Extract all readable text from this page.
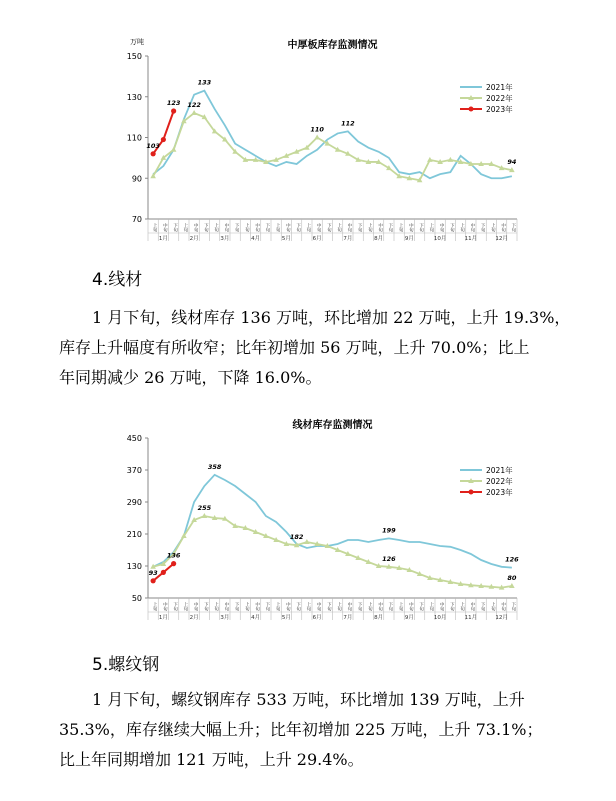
中厚板库存监测情况
万吨
70
90
110
130
150
上旬 中旬 下旬 上旬 中旬 下旬 上旬 中旬 下旬 上旬 中旬 下旬 上旬 中旬 下旬 上旬 中旬 下旬 上旬 中旬 下旬 上旬 中旬 下旬 上旬 中旬 下旬 上旬 中旬 下旬 上旬 中旬 下旬 上旬 中旬 下旬
1月	2月	3月	4月	5月	6月	7月	8月	9月	10月	11月	12月
103
123
133
122
110
112
94
2021年
2022年
2023年
4.线材
1 月下旬，线材库存 136 万吨，环比增加 22 万吨，上升 19.3%，
库存上升幅度有所收窄；比年初增加 56 万吨，上升 70.0%；比上
年同期减少 26 万吨，下降 16.0%。
线材库存监测情况
50
130
210
290
370
450
上旬 中旬 下旬 上旬 中旬 下旬 上旬 中旬 下旬 上旬 中旬 下旬 上旬 中旬 下旬 上旬 中旬 下旬 上旬 中旬 下旬 上旬 中旬 下旬 上旬 中旬 下旬 上旬 中旬 下旬 上旬 中旬 下旬 上旬 中旬 下旬
1月	2月	3月	4月	5月	6月	7月	8月	9月	10月	11月	12月
93
136
358
255
182
199
126	126
80
2021年
2022年
2023年
5.螺纹钢
1 月下旬，螺纹钢库存 533 万吨，环比增加 139 万吨，上升
35.3%，库存继续大幅上升；比年初增加 225 万吨，上升 73.1%；
比上年同期增加 121 万吨，上升 29.4%。
